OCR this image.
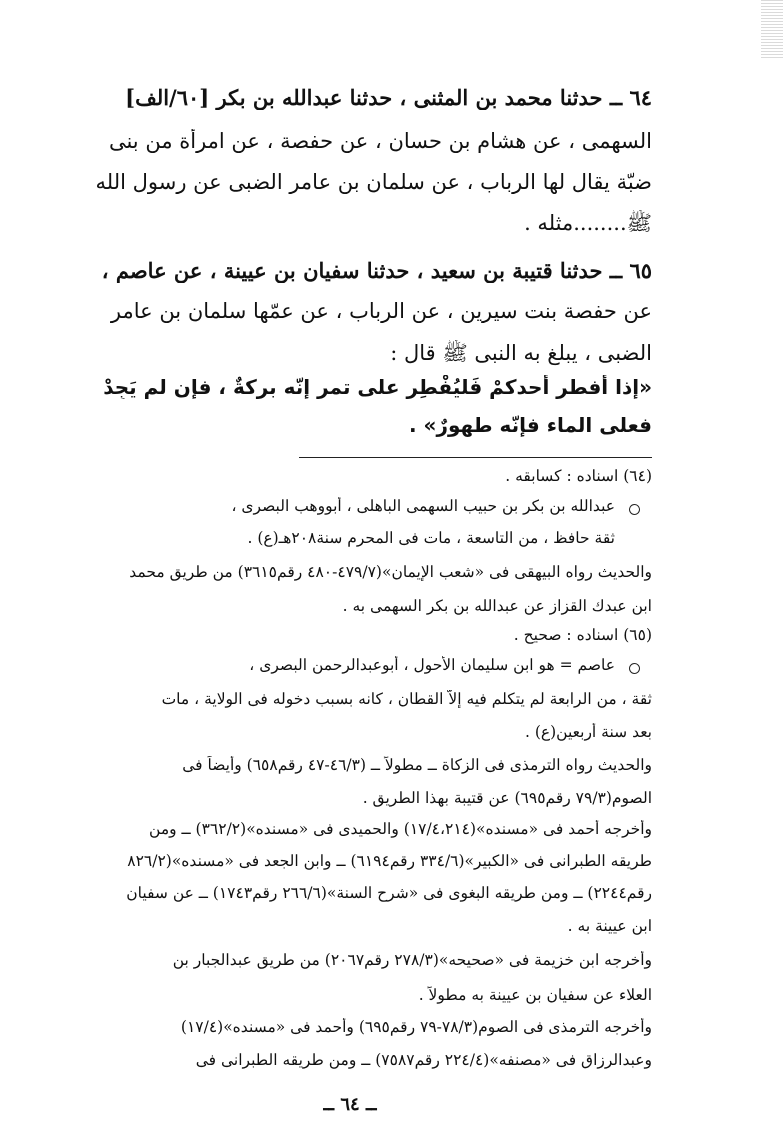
٦٤ ــ حدثنا محمد بن المثنى ، حدثنا عبدالله بن بكر [٦٠/الف]
السهمى ، عن هشام بن حسان ، عن حفصة ، عن امرأة من بنى
ضبّة يقال لها الرباب ، عن سلمان بن عامر الضبى عن رسول الله
ﷺ........مثله .
٦٥ ــ حدثنا قتيبة بن سعيد ، حدثنا سفيان بن عيينة ، عن عاصم ،
عن حفصة بنت سيرين ، عن الرباب ، عن عمّها سلمان بن عامر
الضبى ، يبلغ به النبى ﷺ قال :
«إذا أفطر أحدكمْ فَليُفْطِر على تمر إنّه بركةٌ ، فإن لم يَجِدْ
فعلى الماء فإنّه طهورٌ» .
(٦٤) اسناده : كسابقه .
عبدالله بن بكر بن حبيب السهمى الباهلى ، أبووهب البصرى ،
ثقة حافظ ، من التاسعة ، مات فى المحرم سنة٢٠٨هـ(ع) .
والحديث رواه البيهقى فى «شعب الإيمان»(٤٧٩/٧-٤٨٠ رقم٣٦١٥) من طريق محمد
ابن عبدك القزاز عن عبدالله بن بكر السهمى به .
(٦٥) اسناده : صحيح .
عاصم = هو ابن سليمان الأحول ، أبوعبدالرحمن البصرى ،
ثقة ، من الرابعة لم يتكلم فيه إلاّ القطان ، كانه بسبب دخوله فى الولاية ، مات
بعد سنة أربعين(ع) .
والحديث رواه الترمذى فى الزكاة ــ مطولاً ــ (٤٦/٣-٤٧ رقم٦٥٨) وأيضاً فى
الصوم(٧٩/٣ رقم٦٩٥) عن قتيبة بهذا الطريق .
وأخرجه أحمد فى «مسنده»(١٧/٤،٢١٤) والحميدى فى «مسنده»(٣٦٢/٢) ــ ومن
طريقه الطبرانى فى «الكبير»(٣٣٤/٦ رقم٦١٩٤) ــ وابن الجعد فى «مسنده»(٨٢٦/٢
رقم٢٢٤٤) ــ ومن طريقه البغوى فى «شرح السنة»(٢٦٦/٦ رقم١٧٤٣) ــ عن سفيان
ابن عيينة به .
وأخرجه ابن خزيمة فى «صحيحه»(٢٧٨/٣ رقم٢٠٦٧) من طريق عبدالجبار بن
العلاء عن سفيان بن عيينة به مطولاً .
وأخرجه الترمذى فى الصوم(٧٨/٣-٧٩ رقم٦٩٥) وأحمد فى «مسنده»(١٧/٤)
وعبدالرزاق فى «مصنفه»(٢٢٤/٤ رقم٧٥٨٧) ــ ومن طريقه الطبرانى فى
ــ ٦٤ ــ
